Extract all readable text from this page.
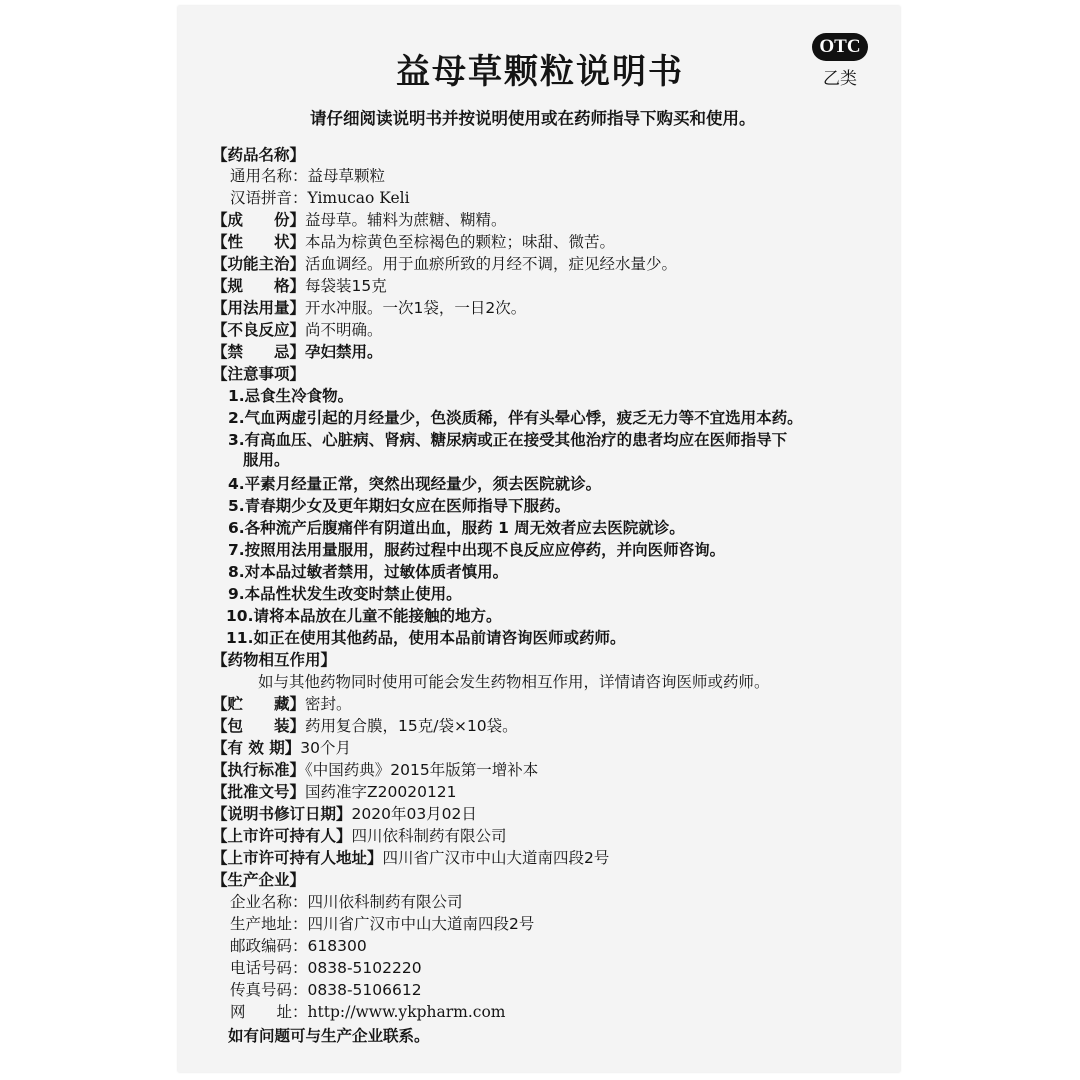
益母草颗粒说明书
OTC
乙类
请仔细阅读说明书并按说明使用或在药师指导下购买和使用。
【药品名称】
通用名称：益母草颗粒
汉语拼音：Yimucao Keli
【成　　份】益母草。辅料为蔗糖、糊精。
【性　　状】本品为棕黄色至棕褐色的颗粒；味甜、微苦。
【功能主治】活血调经。用于血瘀所致的月经不调，症见经水量少。
【规　　格】每袋装15克
【用法用量】开水冲服。一次1袋，一日2次。
【不良反应】尚不明确。
【禁　　忌】孕妇禁用。
【注意事项】
1.忌食生冷食物。
2.气血两虚引起的月经量少，色淡质稀，伴有头晕心悸，疲乏无力等不宜选用本药。
3.有高血压、心脏病、肾病、糖尿病或正在接受其他治疗的患者均应在医师指导下
服用。
4.平素月经量正常，突然出现经量少，须去医院就诊。
5.青春期少女及更年期妇女应在医师指导下服药。
6.各种流产后腹痛伴有阴道出血，服药 1 周无效者应去医院就诊。
7.按照用法用量服用，服药过程中出现不良反应应停药，并向医师咨询。
8.对本品过敏者禁用，过敏体质者慎用。
9.本品性状发生改变时禁止使用。
10.请将本品放在儿童不能接触的地方。
11.如正在使用其他药品，使用本品前请咨询医师或药师。
【药物相互作用】
如与其他药物同时使用可能会发生药物相互作用，详情请咨询医师或药师。
【贮　　藏】密封。
【包　　装】药用复合膜，15克/袋×10袋。
【有 效 期】30个月
【执行标准】《中国药典》2015年版第一增补本
【批准文号】国药准字Z20020121
【说明书修订日期】2020年03月02日
【上市许可持有人】四川依科制药有限公司
【上市许可持有人地址】四川省广汉市中山大道南四段2号
【生产企业】
企业名称：四川依科制药有限公司
生产地址：四川省广汉市中山大道南四段2号
邮政编码：618300
电话号码：0838-5102220
传真号码：0838-5106612
网　　址：http://www.ykpharm.com
如有问题可与生产企业联系。
